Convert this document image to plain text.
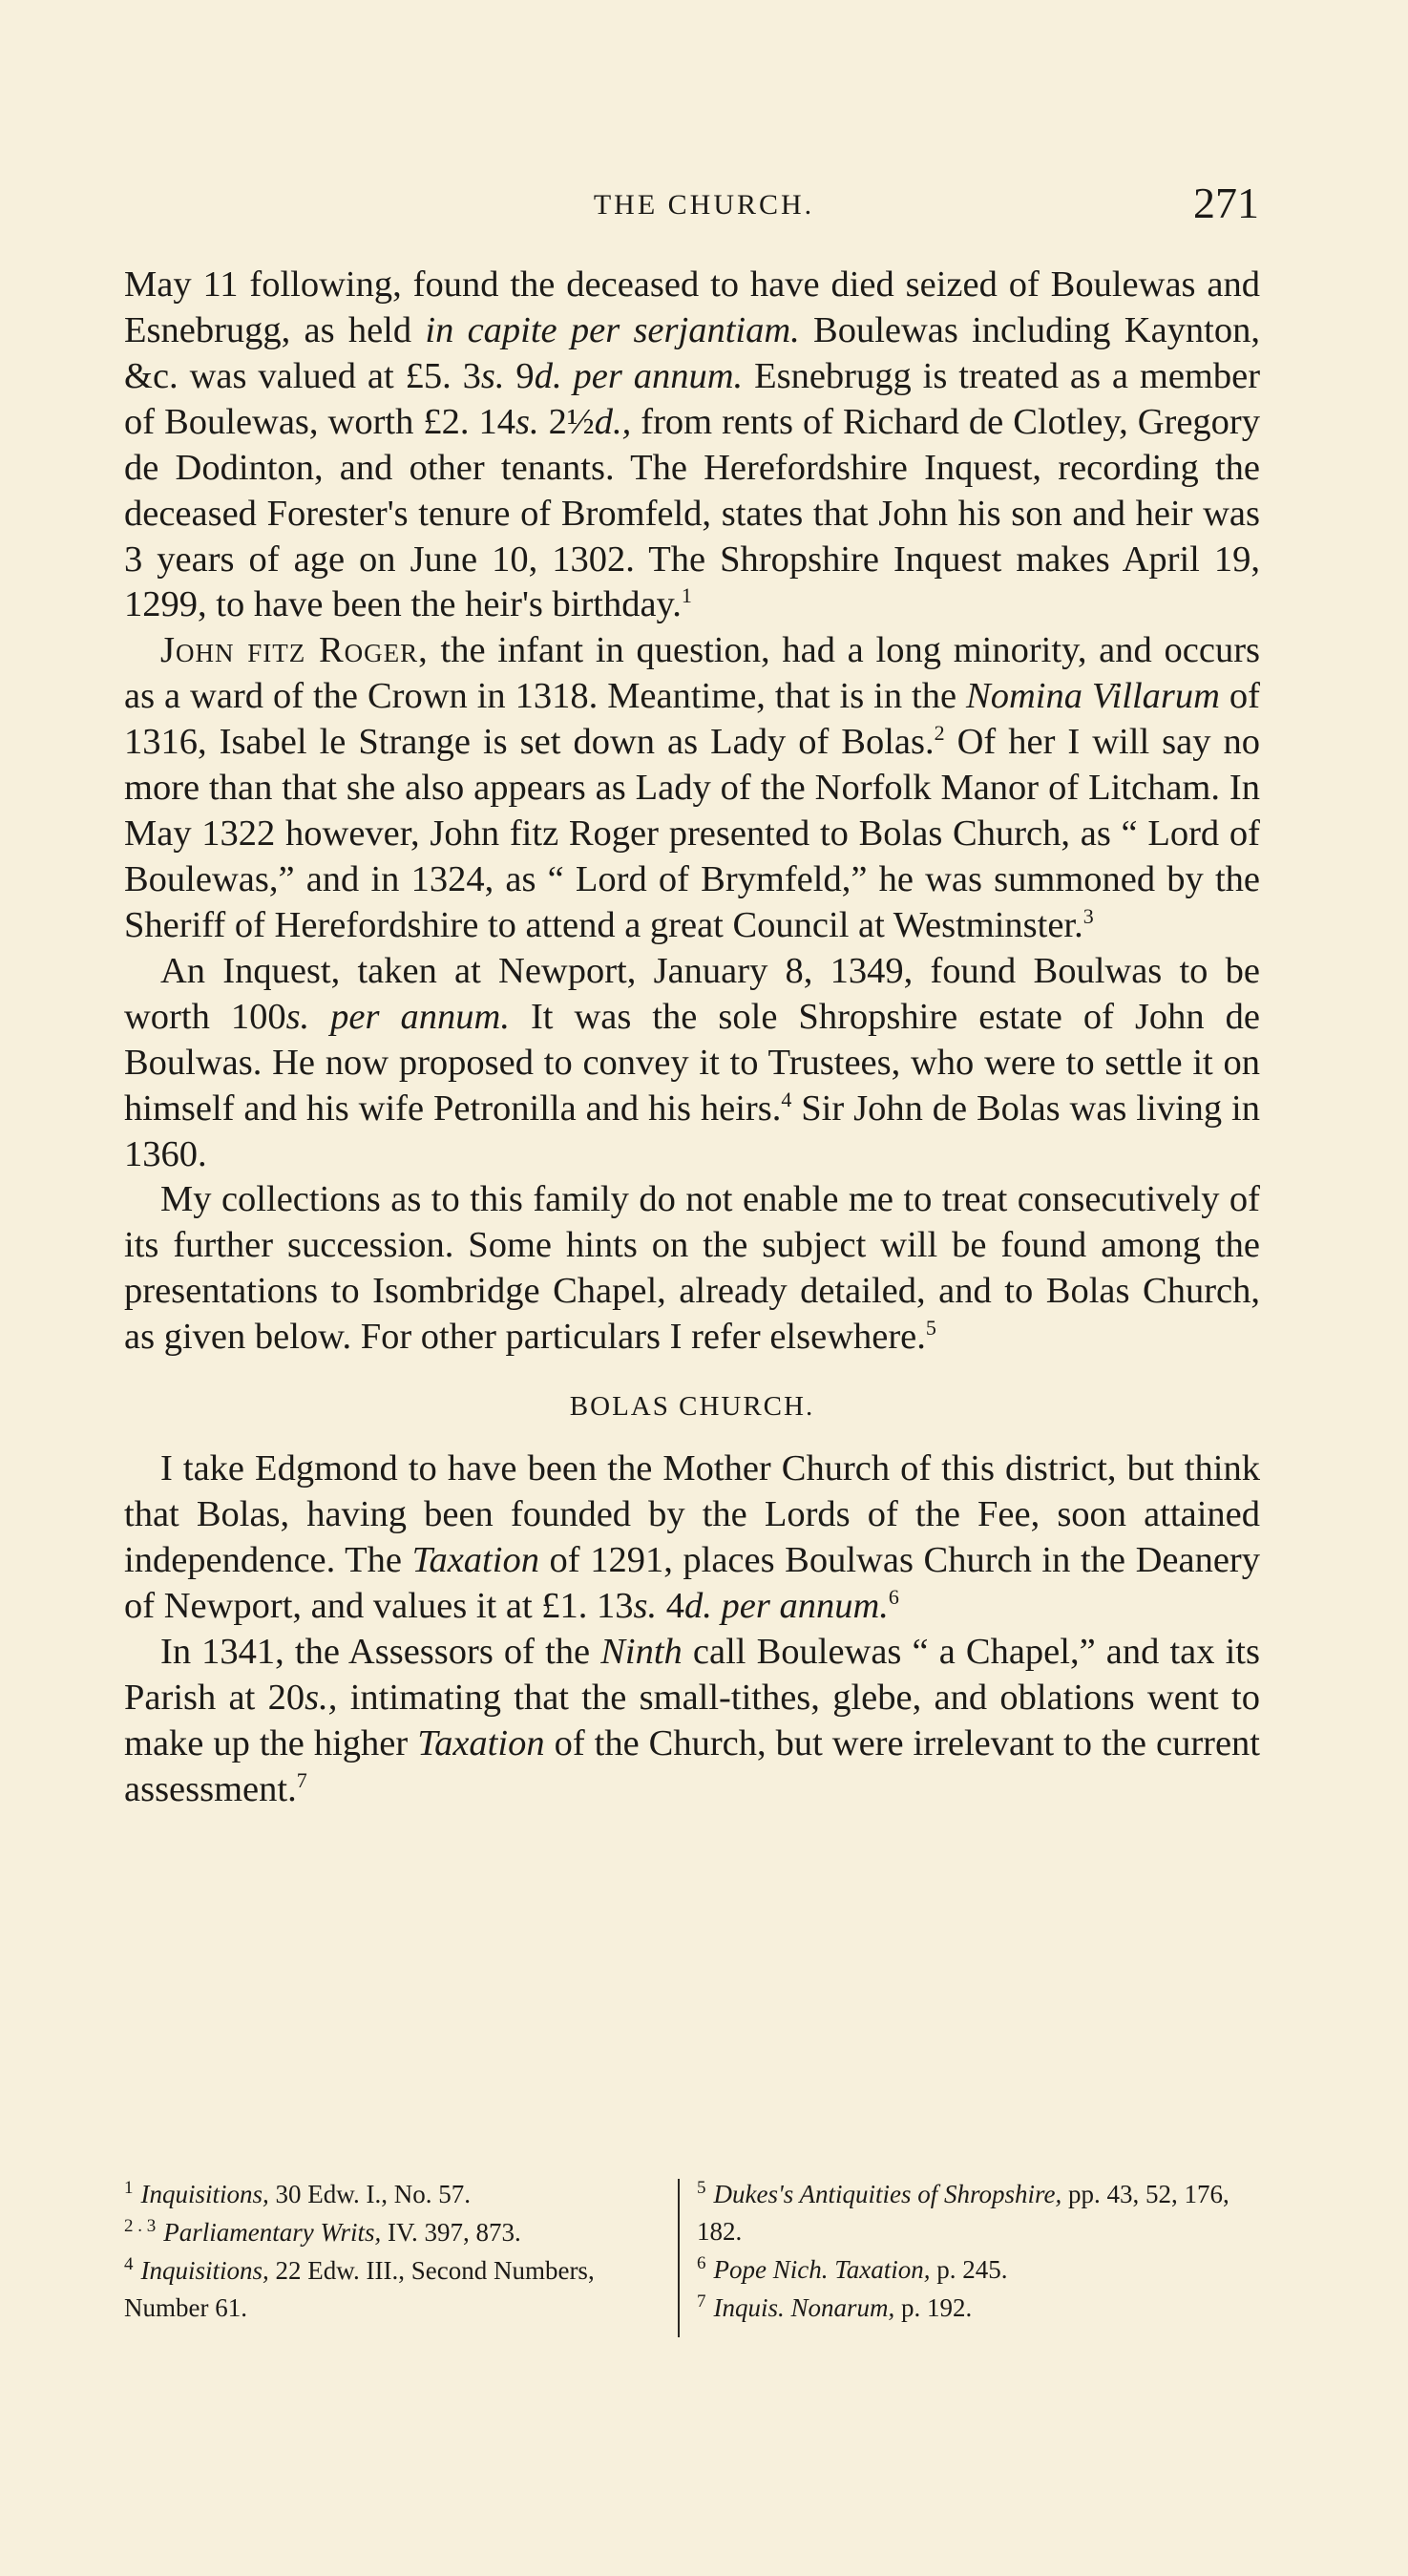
THE CHURCH.	271

May 11 following, found the deceased to have died seized of Boulewas and Esnebrugg, as held in capite per serjantiam. Boulewas including Kaynton, &c. was valued at £5. 3s. 9d. per annum. Esnebrugg is treated as a member of Boulewas, worth £2. 14s. 2½d., from rents of Richard de Clotley, Gregory de Dodinton, and other tenants. The Herefordshire Inquest, recording the deceased Forester's tenure of Bromfeld, states that John his son and heir was 3 years of age on June 10, 1302. The Shropshire Inquest makes April 19, 1299, to have been the heir's birthday.$^1$

John fitz Roger, the infant in question, had a long minority, and occurs as a ward of the Crown in 1318. Meantime, that is in the Nomina Villarum of 1316, Isabel le Strange is set down as Lady of Bolas.$^2$ Of her I will say no more than that she also appears as Lady of the Norfolk Manor of Litcham. In May 1322 however, John fitz Roger presented to Bolas Church, as “ Lord of Boulewas,” and in 1324, as “ Lord of Brymfeld,” he was summoned by the Sheriff of Herefordshire to attend a great Council at Westminster.$^3$

An Inquest, taken at Newport, January 8, 1349, found Boulwas to be worth 100s. per annum. It was the sole Shropshire estate of John de Boulwas. He now proposed to convey it to Trustees, who were to settle it on himself and his wife Petronilla and his heirs.$^4$ Sir John de Bolas was living in 1360.

My collections as to this family do not enable me to treat consecutively of its further succession. Some hints on the subject will be found among the presentations to Isombridge Chapel, already detailed, and to Bolas Church, as given below. For other particulars I refer elsewhere.$^5$

BOLAS CHURCH.

I take Edgmond to have been the Mother Church of this district, but think that Bolas, having been founded by the Lords of the Fee, soon attained independence. The Taxation of 1291, places Boulwas Church in the Deanery of Newport, and values it at £1. 13s. 4d. per annum.$^6$

In 1341, the Assessors of the Ninth call Boulewas “ a Chapel,” and tax its Parish at 20s., intimating that the small-tithes, glebe, and oblations went to make up the higher Taxation of the Church, but were irrelevant to the current assessment.$^7$

$^1$ Inquisitions, 30 Edw. I., No. 57.

$^{2 . 3}$ Parliamentary Writs, IV. 397, 873.

$^4$ Inquisitions, 22 Edw. III., Second Numbers, Number 61.

$^5$ Dukes's Antiquities of Shropshire, pp. 43, 52, 176, 182.

$^6$ Pope Nich. Taxation, p. 245.

$^7$ Inquis. Nonarum, p. 192.
